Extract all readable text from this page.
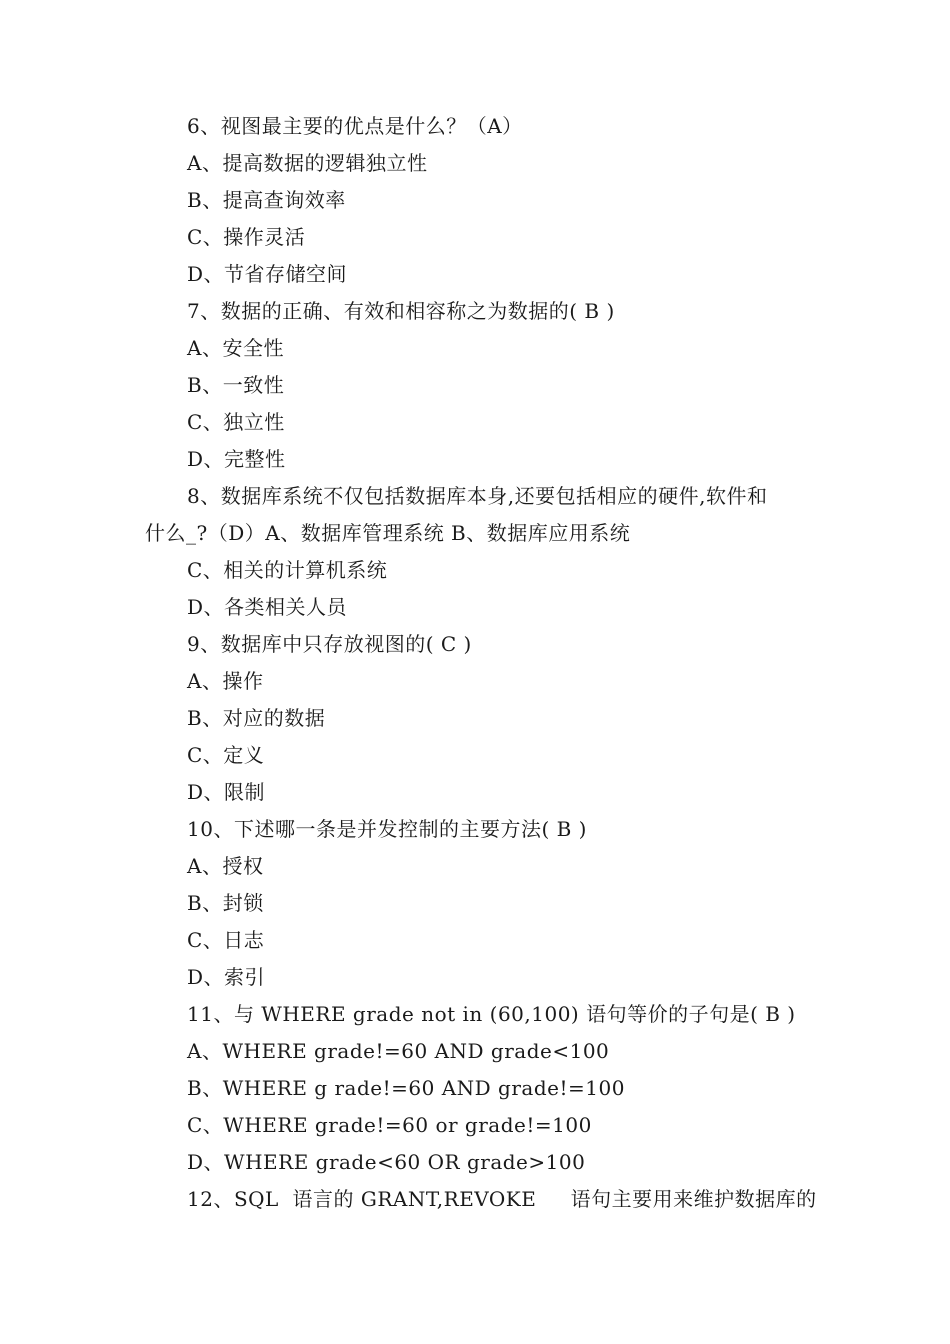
6、视图最主要的优点是什么？（A）
A、提高数据的逻辑独立性
B、提高查询效率
C、操作灵活
D、节省存储空间
7、数据的正确、有效和相容称之为数据的( B )
A、安全性
B、一致性
C、独立性
D、完整性
8、数据库系统不仅包括数据库本身,还要包括相应的硬件,软件和
什么_?（D）A、数据库管理系统 B、数据库应用系统
C、相关的计算机系统
D、各类相关人员
9、数据库中只存放视图的( C )
A、操作
B、对应的数据
C、定义
D、限制
10、下述哪一条是并发控制的主要方法( B )
A、授权
B、封锁
C、日志
D、索引
11、与 WHERE grade not in (60,100) 语句等价的子句是( B )
A、WHERE grade!=60 AND grade<100
B、WHERE g rade!=60 AND grade!=100
C、WHERE grade!=60 or grade!=100
D、WHERE grade<60 OR grade>100
12、SQL  语言的 GRANT,REVOKE     语句主要用来维护数据库的
